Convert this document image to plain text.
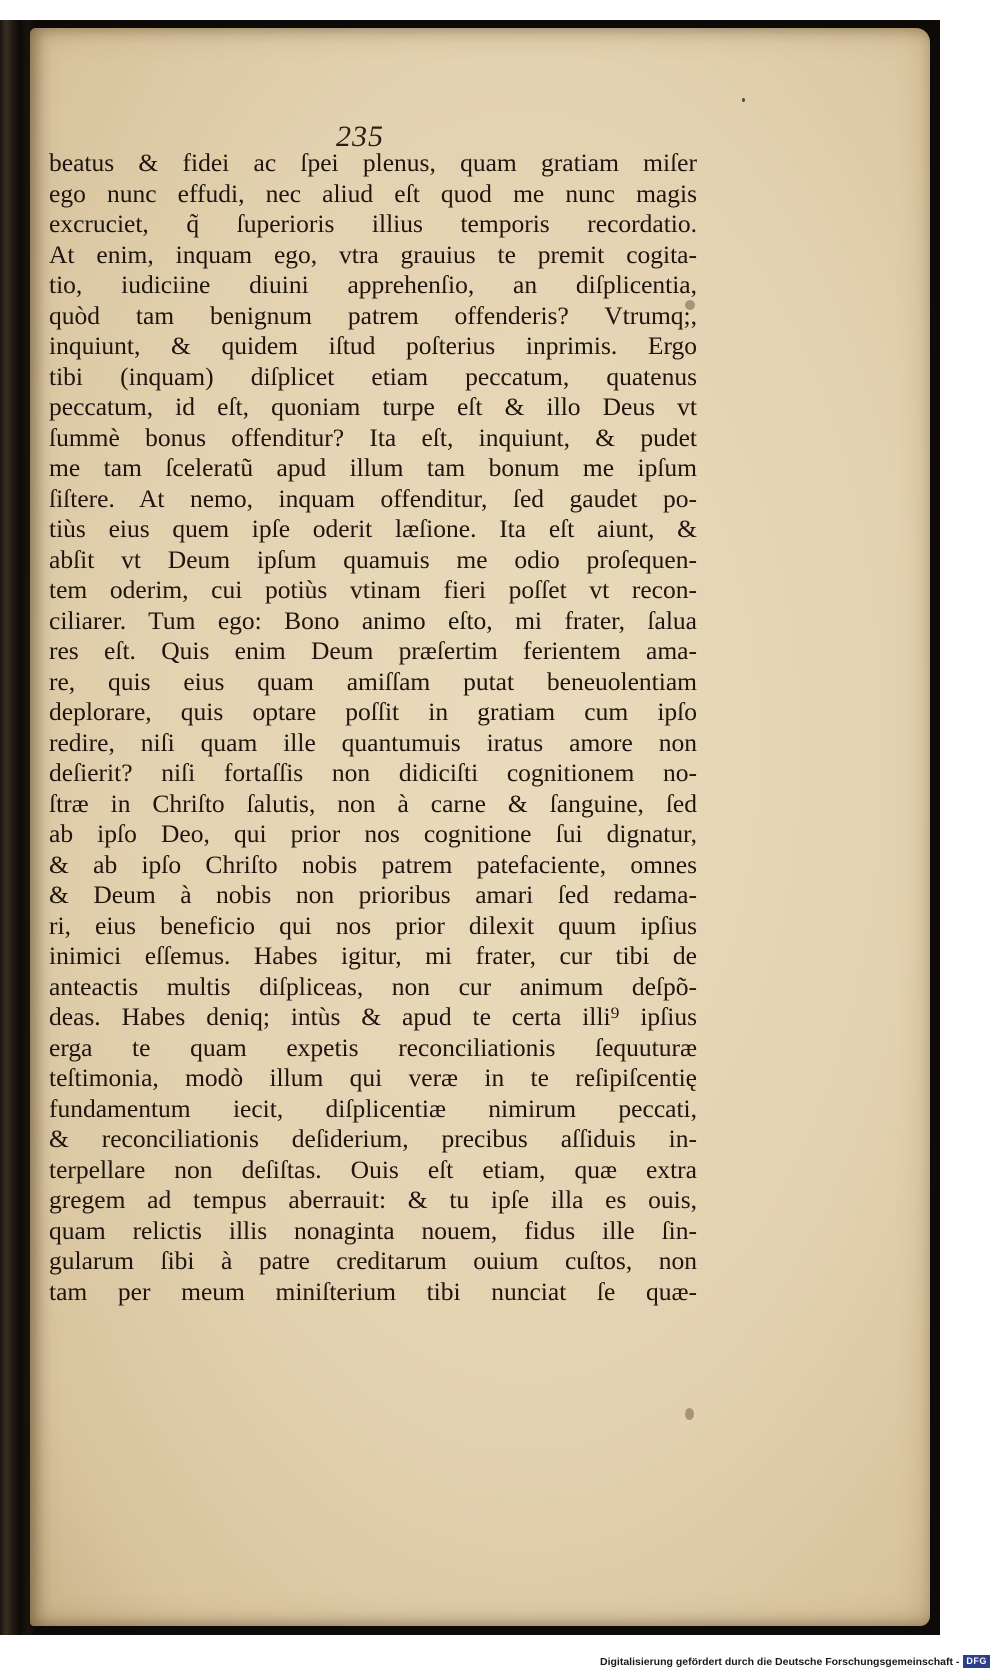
235
beatus & fidei ac ſpei plenus, quam gratiam miſer
ego nunc effudi, nec aliud eſt quod me nunc magis
excruciet, q̃ ſuperioris illius temporis recordatio.
At enim, inquam ego, vtra grauius te premit cogita-
tio, iudiciine diuini apprehenſio, an diſplicentia,
quòd tam benignum patrem offenderis? Vtrumq;,
inquiunt, & quidem iſtud poſterius inprimis. Ergo
tibi (inquam) diſplicet etiam peccatum, quatenus
peccatum, id eſt, quoniam turpe eſt & illo Deus vt
ſummè bonus offenditur? Ita eſt, inquiunt, & pudet
me tam ſceleratũ apud illum tam bonum me ipſum
ſiſtere. At nemo, inquam offenditur, ſed gaudet po-
tiùs eius quem ipſe oderit læſione. Ita eſt aiunt, &
abſit vt Deum ipſum quamuis me odio proſequen-
tem oderim, cui potiùs vtinam fieri poſſet vt recon-
ciliarer. Tum ego: Bono animo eſto, mi frater, ſalua
res eſt. Quis enim Deum præſertim ferientem ama-
re, quis eius quam amiſſam putat beneuolentiam
deplorare, quis optare poſſit in gratiam cum ipſo
redire, niſi quam ille quantumuis iratus amore non
deſierit? niſi fortaſſis non didiciſti cognitionem no-
ſtræ in Chriſto ſalutis, non à carne & ſanguine, ſed
ab ipſo Deo, qui prior nos cognitione ſui dignatur,
& ab ipſo Chriſto nobis patrem patefaciente, omnes
& Deum à nobis non prioribus amari ſed redama-
ri, eius beneficio qui nos prior dilexit quum ipſius
inimici eſſemus. Habes igitur, mi frater, cur tibi de
anteactis multis diſpliceas, non cur animum deſpõ-
deas. Habes deniq; intùs & apud te certa illi⁹ ipſius
erga te quam expetis reconciliationis ſequuturæ
teſtimonia, modò illum qui veræ in te reſipiſcentię
fundamentum iecit, diſplicentiæ nimirum peccati,
& reconciliationis deſiderium, precibus aſſiduis in-
terpellare non deſiſtas. Ouis eſt etiam, quæ extra
gregem ad tempus aberrauit: & tu ipſe illa es ouis,
quam relictis illis nonaginta nouem, fidus ille ſin-
gularum ſibi à patre creditarum ouium cuſtos, non
tam per meum miniſterium tibi nunciat ſe quæ-
Digitalisierung gefördert durch die Deutsche Forschungsgemeinschaft - DFG
